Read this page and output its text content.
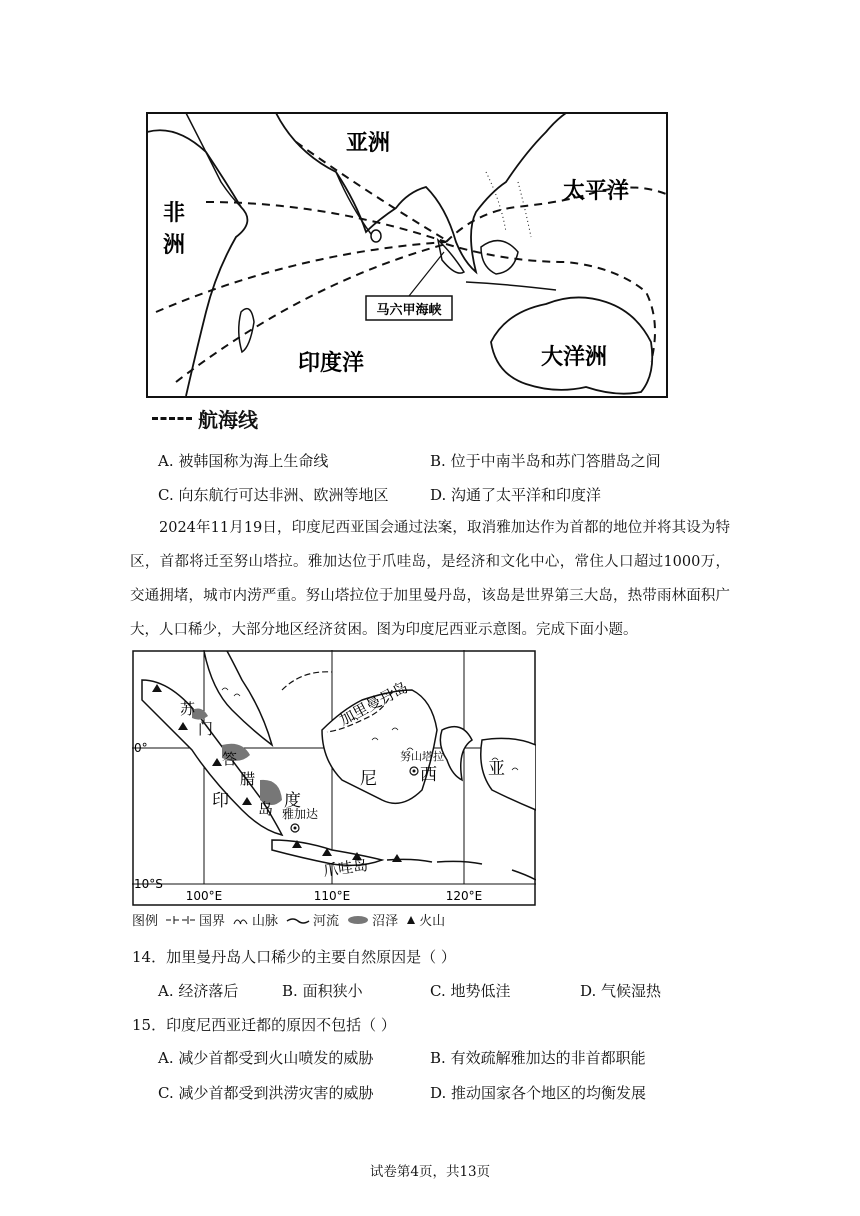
亚洲
非
洲
太平洋
马六甲海峡
大洋洲
印度洋
航海线
A. 被韩国称为海上生命线	B. 位于中南半岛和苏门答腊岛之间
C. 向东航行可达非洲、欧洲等地区	D. 沟通了太平洋和印度洋

2024年11月19日，印度尼西亚国会通过法案，取消雅加达作为首都的地位并将其设为特区，首都将迁至努山塔拉。雅加达位于爪哇岛，是经济和文化中心，常住人口超过1000万，交通拥堵，城市内涝严重。努山塔拉位于加里曼丹岛，该岛是世界第三大岛，热带雨林面积广大，人口稀少，大部分地区经济贫困。图为印度尼西亚示意图。完成下面小题。

加里曼丹岛
苏
门
答
腊
岛
印	度
尼	西	亚
努山塔拉
雅加达
爪哇岛
0°
10°S
100°E	110°E	120°E
图例	国界 山脉	河流	沼泽 火山
14．加里曼丹岛人口稀少的主要自然原因是（ ）
A. 经济落后	B. 面积狭小	C. 地势低洼	D. 气候湿热
15．印度尼西亚迁都的原因不包括（ ）
A. 减少首都受到火山喷发的威胁	B. 有效疏解雅加达的非首都职能
C. 减少首都受到洪涝灾害的威胁	D. 推动国家各个地区的均衡发展
试卷第4页，共13页
